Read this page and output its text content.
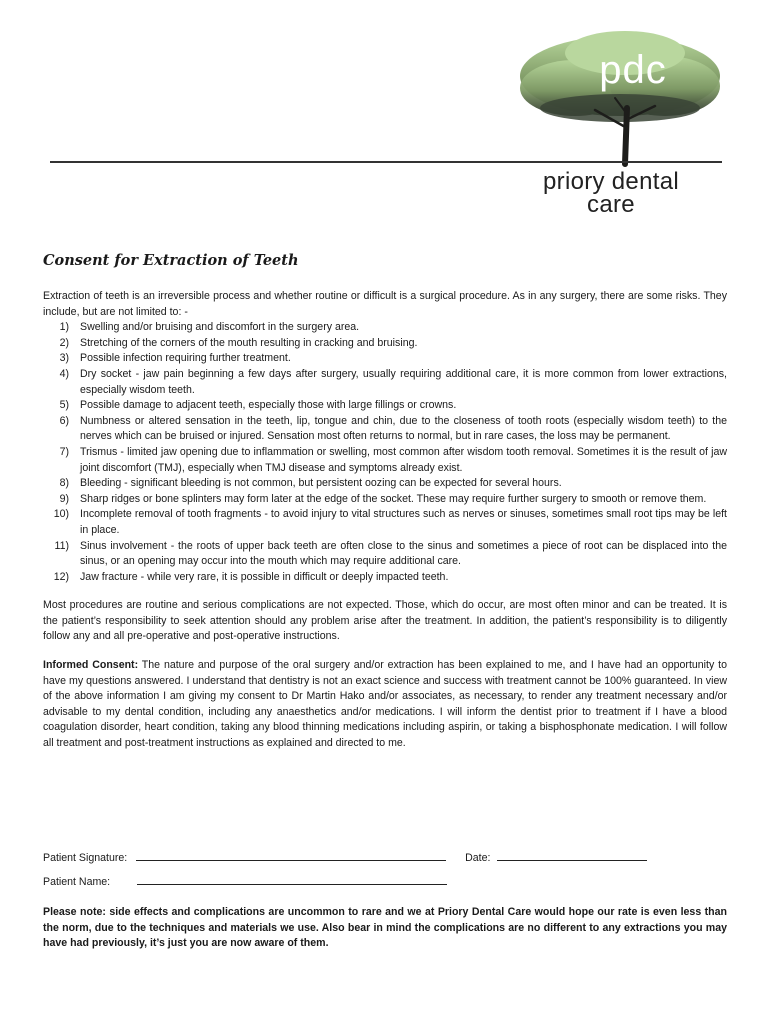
pdc
priory dental
care
Consent for Extraction of Teeth

Extraction of teeth is an irreversible process and whether routine or difficult is a surgical procedure. As in any surgery, there are some risks. They include, but are not limited to: -

1) Swelling and/or bruising and discomfort in the surgery area.
2) Stretching of the corners of the mouth resulting in cracking and bruising.
3) Possible infection requiring further treatment.
4) Dry socket - jaw pain beginning a few days after surgery, usually requiring additional care, it is more common from lower extractions, especially wisdom teeth.
5) Possible damage to adjacent teeth, especially those with large fillings or crowns.
6) Numbness or altered sensation in the teeth, lip, tongue and chin, due to the closeness of tooth roots (especially wisdom teeth) to the nerves which can be bruised or injured. Sensation most often returns to normal, but in rare cases, the loss may be permanent.
7) Trismus - limited jaw opening due to inflammation or swelling, most common after wisdom tooth removal. Sometimes it is the result of jaw joint discomfort (TMJ), especially when TMJ disease and symptoms already exist.
8) Bleeding - significant bleeding is not common, but persistent oozing can be expected for several hours.
9) Sharp ridges or bone splinters may form later at the edge of the socket. These may require further surgery to smooth or remove them.
10) Incomplete removal of tooth fragments - to avoid injury to vital structures such as nerves or sinuses, sometimes small root tips may be left in place.
11) Sinus involvement - the roots of upper back teeth are often close to the sinus and sometimes a piece of root can be displaced into the sinus, or an opening may occur into the mouth which may require additional care.
12) Jaw fracture - while very rare, it is possible in difficult or deeply impacted teeth.

Most procedures are routine and serious complications are not expected. Those, which do occur, are most often minor and can be treated. It is the patient’s responsibility to seek attention should any problem arise after the treatment. In addition, the patient’s responsibility is to diligently follow any and all pre-operative and post-operative instructions.

Informed Consent: The nature and purpose of the oral surgery and/or extraction has been explained to me, and I have had an opportunity to have my questions answered. I understand that dentistry is not an exact science and success with treatment cannot be 100% guaranteed. In view of the above information I am giving my consent to Dr Martin Hako and/or associates, as necessary, to render any treatment necessary and/or advisable to my dental condition, including any anaesthetics and/or medications. I will inform the dentist prior to treatment if I have a blood coagulation disorder, heart condition, taking any blood thinning medications including aspirin, or taking a bisphosphonate medication. I will follow all treatment and post-treatment instructions as explained and directed to me.

Patient Signature:	Date:
Patient Name:
Please note: side effects and complications are uncommon to rare and we at Priory Dental Care would hope our rate is even less than the norm, due to the techniques and materials we use. Also bear in mind the complications are no different to any extractions you may have had previously, it’s just you are now aware of them.
